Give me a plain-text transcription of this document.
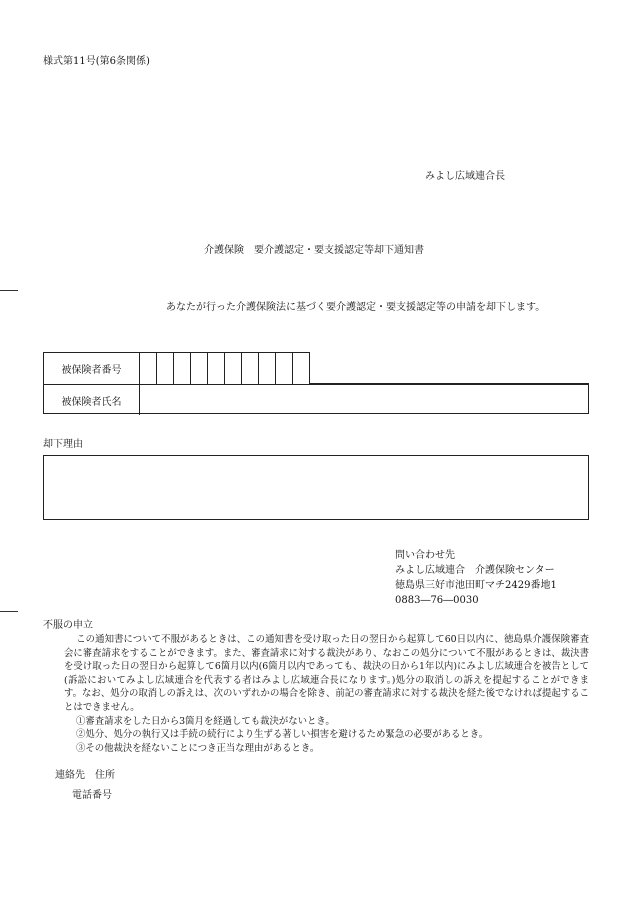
様式第11号(第6条関係)
みよし広域連合長
介護保険　要介護認定・要支援認定等却下通知書
あなたが行った介護保険法に基づく要介護認定・要支援認定等の申請を却下します。
被保険者番号
被保険者氏名
却下理由
問い合わせ先
みよし広域連合　介護保険センター
徳島県三好市池田町マチ2429番地1
0883―76―0030
不服の申立

この通知書について不服があるときは、この通知書を受け取った日の翌日から起算して60日以内に、徳島県介護保険審査会に審査請求をすることができます。また、審査請求に対する裁決があり、なおこの処分について不服があるときは、裁決書を受け取った日の翌日から起算して6箇月以内(6箇月以内であっても、裁決の日から1年以内)にみよし広域連合を被告として(訴訟においてみよし広域連合を代表する者はみよし広域連合長になります。)処分の取消しの訴えを提起することができます。なお、処分の取消しの訴えは、次のいずれかの場合を除き、前記の審査請求に対する裁決を経た後でなければ提起することはできません。

①審査請求をした日から3箇月を経過しても裁決がないとき。
②処分、処分の執行又は手続の続行により生ずる著しい損害を避けるため緊急の必要があるとき。
③その他裁決を経ないことにつき正当な理由があるとき。
連絡先　住所
電話番号
